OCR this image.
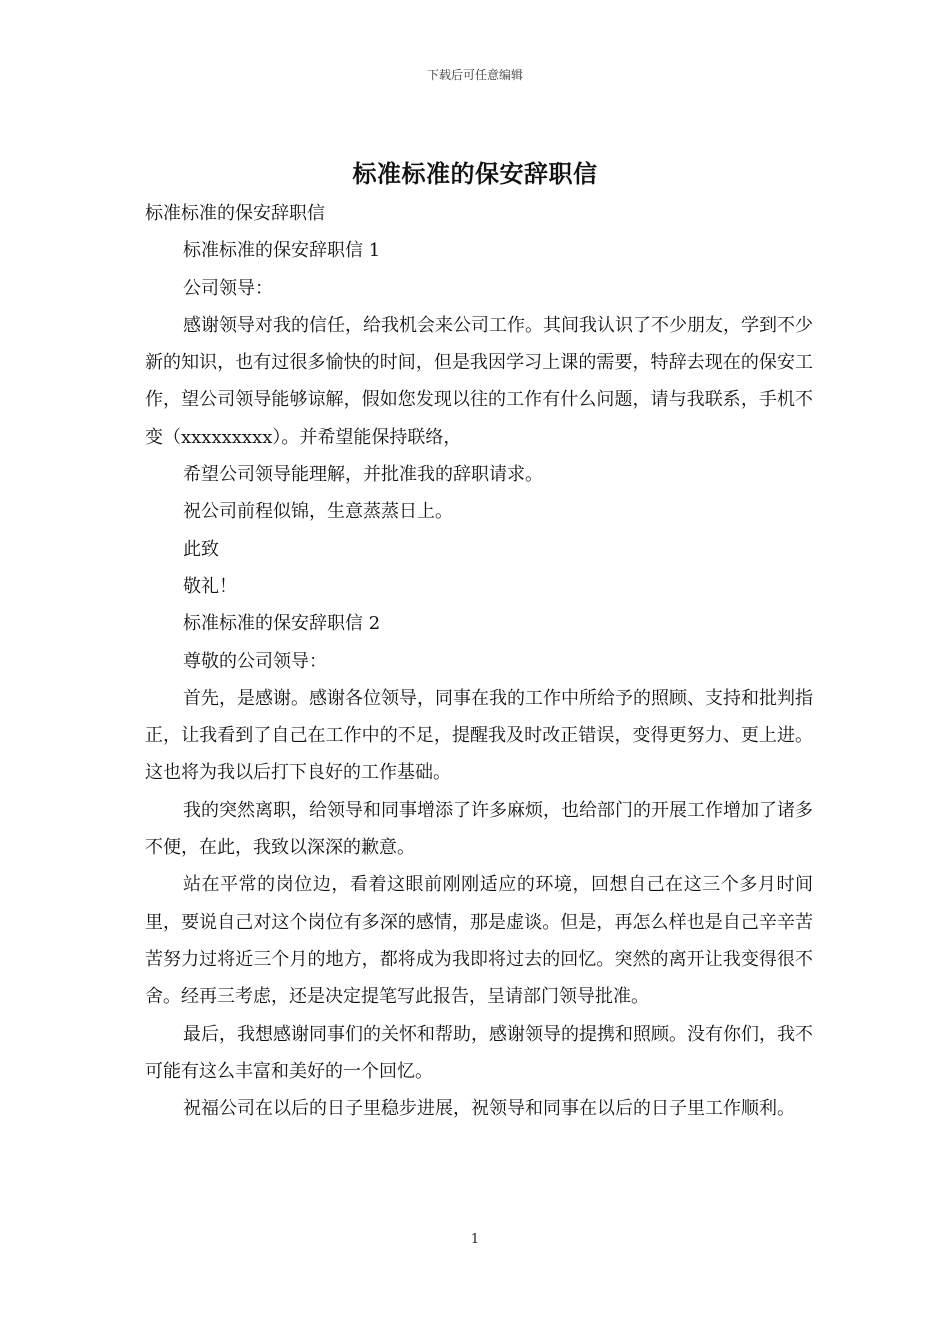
下载后可任意编辑
标准标准的保安辞职信

标准标准的保安辞职信

标准标准的保安辞职信 1

公司领导：

感谢领导对我的信任，给我机会来公司工作。其间我认识了不少朋友，学到不少新的知识，也有过很多愉快的时间，但是我因学习上课的需要，特辞去现在的保安工作，望公司领导能够谅解，假如您发现以往的工作有什么问题，请与我联系，手机不变（xxxxxxxxx）。并希望能保持联络，

希望公司领导能理解，并批准我的辞职请求。

祝公司前程似锦，生意蒸蒸日上。

此致

敬礼！

标准标准的保安辞职信 2

尊敬的公司领导：

首先，是感谢。感谢各位领导，同事在我的工作中所给予的照顾、支持和批判指正，让我看到了自己在工作中的不足，提醒我及时改正错误，变得更努力、更上进。这也将为我以后打下良好的工作基础。

我的突然离职，给领导和同事增添了许多麻烦，也给部门的开展工作增加了诸多不便，在此，我致以深深的歉意。

站在平常的岗位边，看着这眼前刚刚适应的环境，回想自己在这三个多月时间里，要说自己对这个岗位有多深的感情，那是虚谈。但是，再怎么样也是自己辛辛苦苦努力过将近三个月的地方，都将成为我即将过去的回忆。突然的离开让我变得很不舍。经再三考虑，还是决定提笔写此报告，呈请部门领导批准。

最后，我想感谢同事们的关怀和帮助，感谢领导的提携和照顾。没有你们，我不可能有这么丰富和美好的一个回忆。

祝福公司在以后的日子里稳步进展，祝领导和同事在以后的日子里工作顺利。

1
